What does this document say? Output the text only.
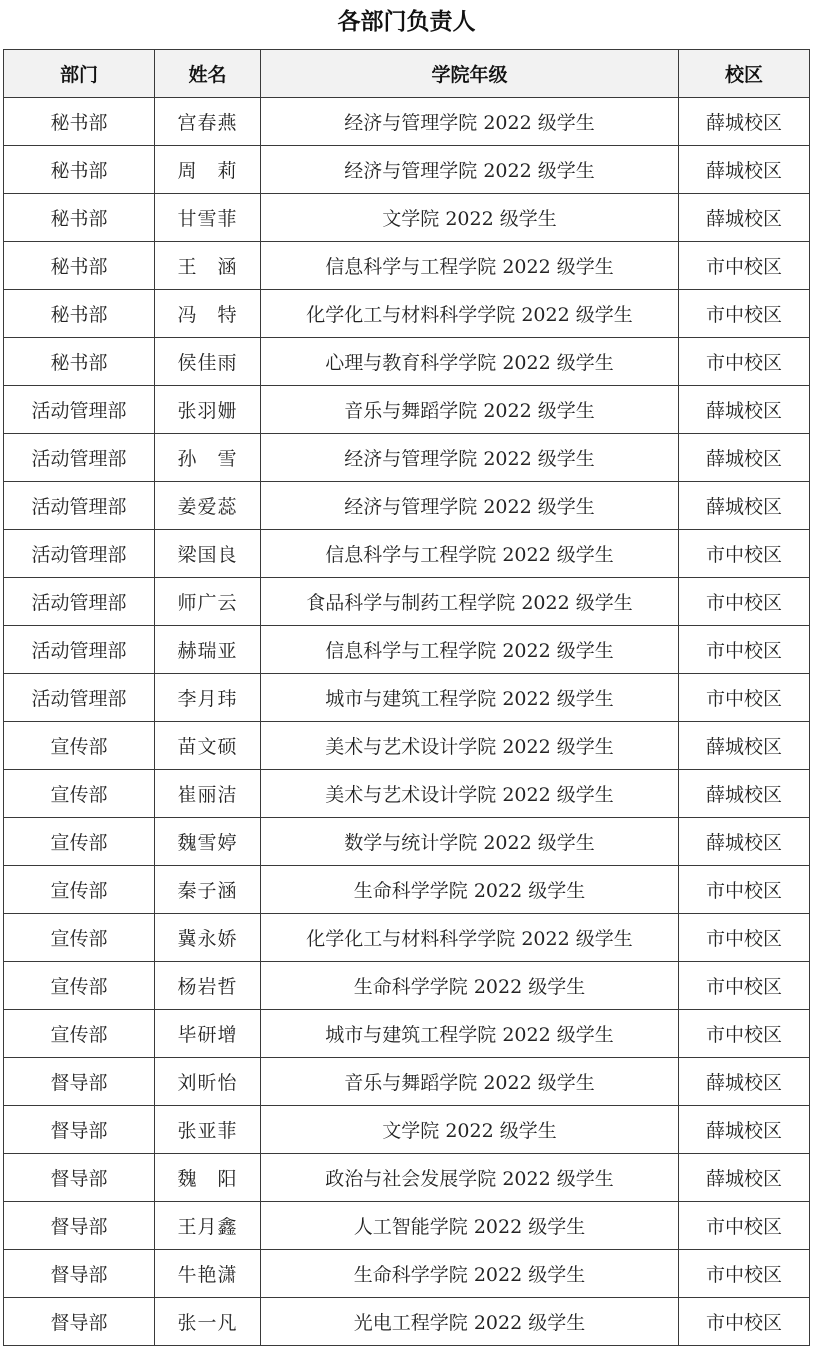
各部门负责人
部门	姓名	学院年级	校区
秘书部	宫春燕	经济与管理学院 2022 级学生	薛城校区
秘书部	周　莉	经济与管理学院 2022 级学生	薛城校区
秘书部	甘雪菲	文学院 2022 级学生	薛城校区
秘书部	王　涵	信息科学与工程学院 2022 级学生	市中校区
秘书部	冯　特	化学化工与材料科学学院 2022 级学生	市中校区
秘书部	侯佳雨	心理与教育科学学院 2022 级学生	市中校区
活动管理部	张羽姗	音乐与舞蹈学院 2022 级学生	薛城校区
活动管理部	孙　雪	经济与管理学院 2022 级学生	薛城校区
活动管理部	姜爱蕊	经济与管理学院 2022 级学生	薛城校区
活动管理部	梁国良	信息科学与工程学院 2022 级学生	市中校区
活动管理部	师广云	食品科学与制药工程学院 2022 级学生	市中校区
活动管理部	赫瑞亚	信息科学与工程学院 2022 级学生	市中校区
活动管理部	李月玮	城市与建筑工程学院 2022 级学生	市中校区
宣传部	苗文硕	美术与艺术设计学院 2022 级学生	薛城校区
宣传部	崔丽洁	美术与艺术设计学院 2022 级学生	薛城校区
宣传部	魏雪婷	数学与统计学院 2022 级学生	薛城校区
宣传部	秦子涵	生命科学学院 2022 级学生	市中校区
宣传部	冀永娇	化学化工与材料科学学院 2022 级学生	市中校区
宣传部	杨岩哲	生命科学学院 2022 级学生	市中校区
宣传部	毕研增	城市与建筑工程学院 2022 级学生	市中校区
督导部	刘昕怡	音乐与舞蹈学院 2022 级学生	薛城校区
督导部	张亚菲	文学院 2022 级学生	薛城校区
督导部	魏　阳	政治与社会发展学院 2022 级学生	薛城校区
督导部	王月鑫	人工智能学院 2022 级学生	市中校区
督导部	牛艳潇	生命科学学院 2022 级学生	市中校区
督导部	张一凡	光电工程学院 2022 级学生	市中校区
